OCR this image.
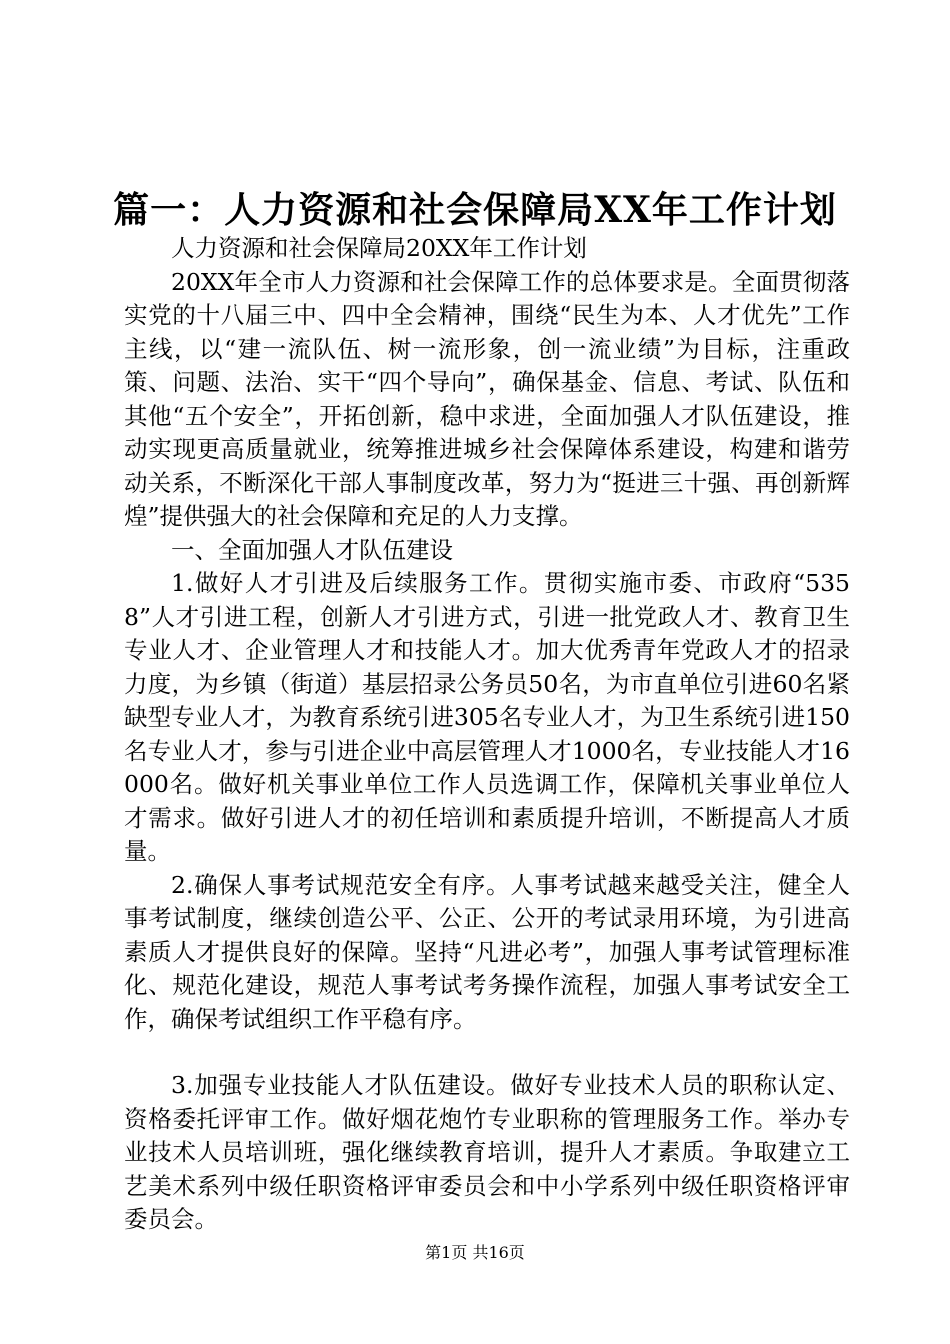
篇一：人力资源和社会保障局XX年工作计划

人力资源和社会保障局20XX年工作计划

20XX年全市人力资源和社会保障工作的总体要求是。全面贯彻落实党的十八届三中、四中全会精神，围绕“民生为本、人才优先”工作主线，以“建一流队伍、树一流形象，创一流业绩”为目标，注重政策、问题、法治、实干“四个导向”，确保基金、信息、考试、队伍和其他“五个安全”，开拓创新，稳中求进，全面加强人才队伍建设，推动实现更高质量就业，统筹推进城乡社会保障体系建设，构建和谐劳动关系，不断深化干部人事制度改革，努力为“挺进三十强、再创新辉煌”提供强大的社会保障和充足的人力支撑。

一、全面加强人才队伍建设

1.做好人才引进及后续服务工作。贯彻实施市委、市政府“5358”人才引进工程，创新人才引进方式，引进一批党政人才、教育卫生专业人才、企业管理人才和技能人才。加大优秀青年党政人才的招录力度，为乡镇（街道）基层招录公务员50名，为市直单位引进60名紧缺型专业人才，为教育系统引进305名专业人才，为卫生系统引进150名专业人才，参与引进企业中高层管理人才1000名，专业技能人才16000名。做好机关事业单位工作人员选调工作，保障机关事业单位人才需求。做好引进人才的初任培训和素质提升培训，不断提高人才质量。

2.确保人事考试规范安全有序。人事考试越来越受关注，健全人事考试制度，继续创造公平、公正、公开的考试录用环境，为引进高素质人才提供良好的保障。坚持“凡进必考”，加强人事考试管理标准化、规范化建设，规范人事考试考务操作流程，加强人事考试安全工作，确保考试组织工作平稳有序。

3.加强专业技能人才队伍建设。做好专业技术人员的职称认定、资格委托评审工作。做好烟花炮竹专业职称的管理服务工作。举办专业技术人员培训班，强化继续教育培训，提升人才素质。争取建立工艺美术系列中级任职资格评审委员会和中小学系列中级任职资格评审委员会。

第1页 共16页
